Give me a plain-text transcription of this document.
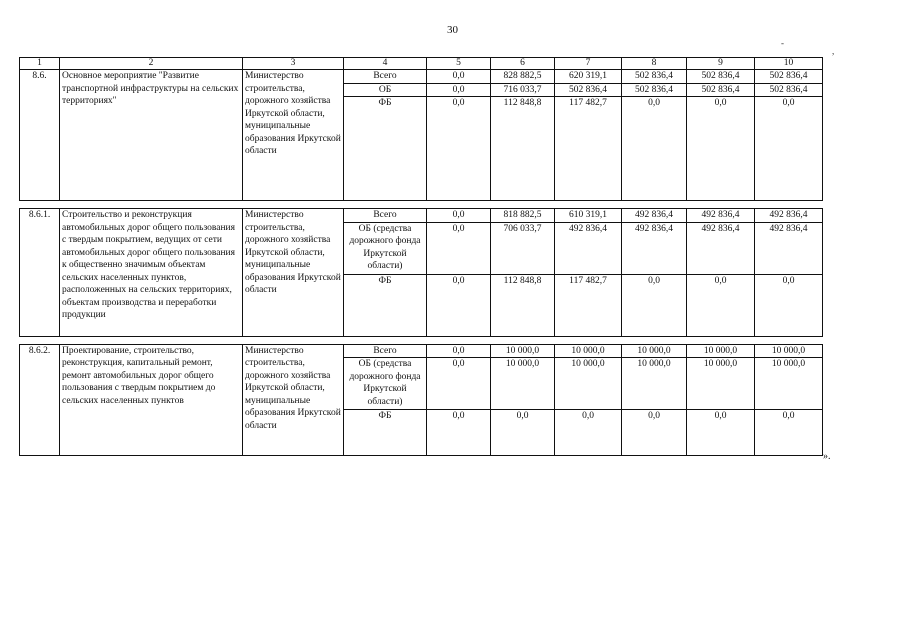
30
-
,
1	2	3	4	5	6	7	8	9	10
8.6.	Основное мероприятие "Развитие транспортной инфраструктуры на сельских территориях"	Министерство строительства, дорожного хозяйства Иркутской области, муниципальные образования Иркутской области	Всего	0,0	828 882,5	620 319,1	502 836,4	502 836,4	502 836,4
			ОБ	0,0	716 033,7	502 836,4	502 836,4	502 836,4	502 836,4
			ФБ	0,0	112 848,8	117 482,7	0,0	0,0	0,0

8.6.1.	Строительство и реконструкция автомобильных дорог общего пользования с твердым покрытием, ведущих от сети автомобильных дорог общего пользования к общественно значимым объектам сельских населенных пунктов, расположенных на сельских территориях, объектам производства и переработки продукции	Министерство строительства, дорожного хозяйства Иркутской области, муниципальные образования Иркутской области	Всего	0,0	818 882,5	610 319,1	492 836,4	492 836,4	492 836,4
			ОБ (средства дорожного фонда Иркутской области)	0,0	706 033,7	492 836,4	492 836,4	492 836,4	492 836,4
			ФБ	0,0	112 848,8	117 482,7	0,0	0,0	0,0

8.6.2.	Проектирование, строительство, реконструкция, капитальный ремонт, ремонт автомобильных дорог общего пользования с твердым покрытием до сельских населенных пунктов	Министерство строительства, дорожного хозяйства Иркутской области, муниципальные образования Иркутской области	Всего	0,0	10 000,0	10 000,0	10 000,0	10 000,0	10 000,0
			ОБ (средства дорожного фонда Иркутской области)	0,0	10 000,0	10 000,0	10 000,0	10 000,0	10 000,0
			ФБ	0,0	0,0	0,0	0,0	0,0	0,0
».
